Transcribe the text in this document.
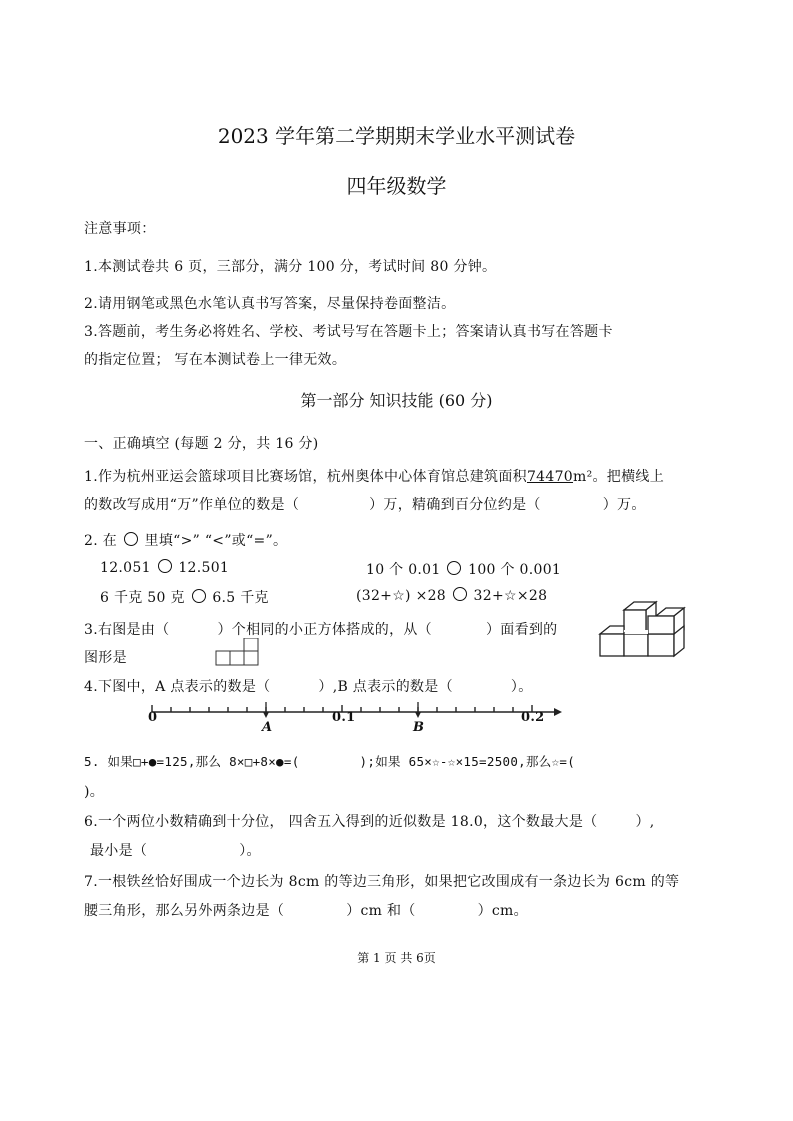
2023 学年第二学期期末学业水平测试卷
四年级数学
注意事项：
1.本测试卷共 6 页，三部分，满分 100 分，考试时间 80 分钟。
2.请用钢笔或黑色水笔认真书写答案，尽量保持卷面整洁。
3.答题前，考生务必将姓名、学校、考试号写在答题卡上；答案请认真书写在答题卡
的指定位置； 写在本测试卷上一律无效。
第一部分 知识技能 (60 分)
一、正确填空 (每题 2 分，共 16 分)
1.作为杭州亚运会篮球项目比赛场馆，杭州奥体中心体育馆总建筑面积74470m²。把横线上
的数改写成用“万”作单位的数是（	）万，精确到百分位约是（	）万。
2. 在 里填“>” “<”或“=”。
12.051 12.501	10 个 0.01 100 个 0.001
6 千克 50 克 6.5 千克	(32+☆) ×28 32+☆×28
3.右图是由（	）个相同的小正方体搭成的，从（	）面看到的
图形是
4.下图中，A 点表示的数是（	）,B 点表示的数是（	）。
0	0.1	0.2
A	B
5. 如果□+●=125,那么 8×□+8×●=(	);如果 65×☆-☆×15=2500,那么☆=(
)。
6.一个两位小数精确到十分位， 四舍五入得到的近似数是 18.0，这个数最大是（	）,
最小是（	）。
7.一根铁丝恰好围成一个边长为 8cm 的等边三角形，如果把它改围成有一条边长为 6cm 的等
腰三角形，那么另外两条边是（	）cm 和（	）cm。
第 1 页 共 6页
